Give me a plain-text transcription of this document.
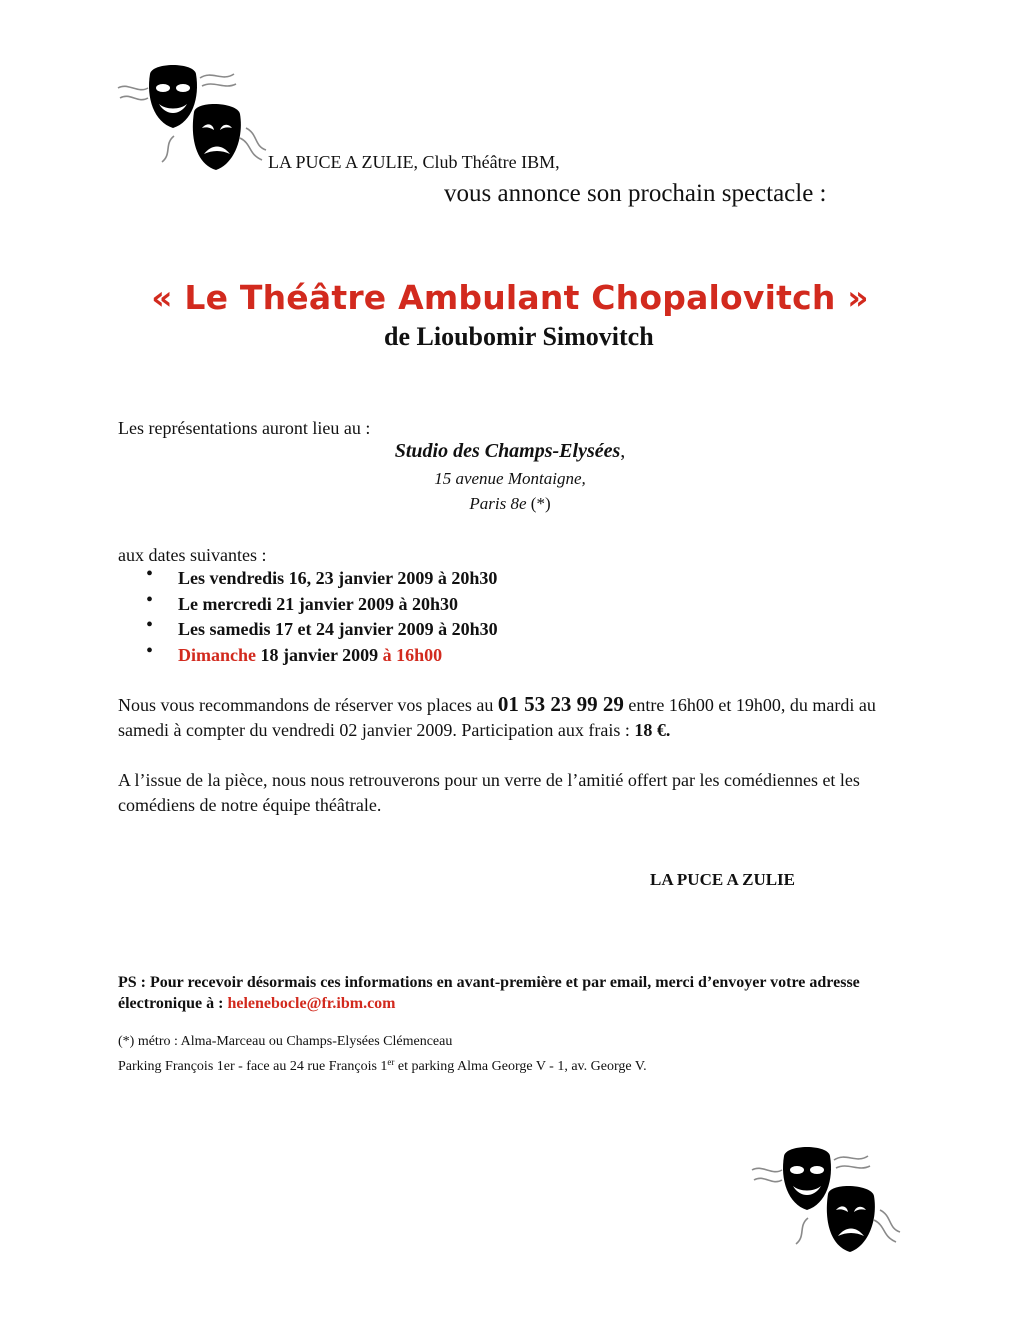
LA PUCE A ZULIE, Club Théâtre IBM,
vous annonce son prochain spectacle :
« Le Théâtre Ambulant Chopalovitch »
de Lioubomir Simovitch
Les représentations auront lieu au :
Studio des Champs-Elysées,
15 avenue Montaigne,
Paris 8e (*)
aux dates suivantes :
• Les vendredis 16, 23 janvier 2009 à 20h30
• Le mercredi 21 janvier 2009 à 20h30
• Les samedis 17 et 24 janvier 2009 à 20h30
• Dimanche 18 janvier 2009 à 16h00
Nous vous recommandons de réserver vos places au 01 53 23 99 29 entre 16h00 et 19h00, du mardi au samedi à compter du vendredi 02 janvier 2009. Participation aux frais : 18 €.
A l’issue de la pièce, nous nous retrouverons pour un verre de l’amitié offert par les comédiennes et les comédiens de notre équipe théâtrale.
LA PUCE A ZULIE
PS : Pour recevoir désormais ces informations en avant-première et par email, merci d’envoyer votre adresse électronique à : helenebocle@fr.ibm.com
(*) métro : Alma-Marceau ou Champs-Elysées Clémenceau
Parking François 1er - face au 24 rue François 1er et parking Alma George V - 1, av. George V.
